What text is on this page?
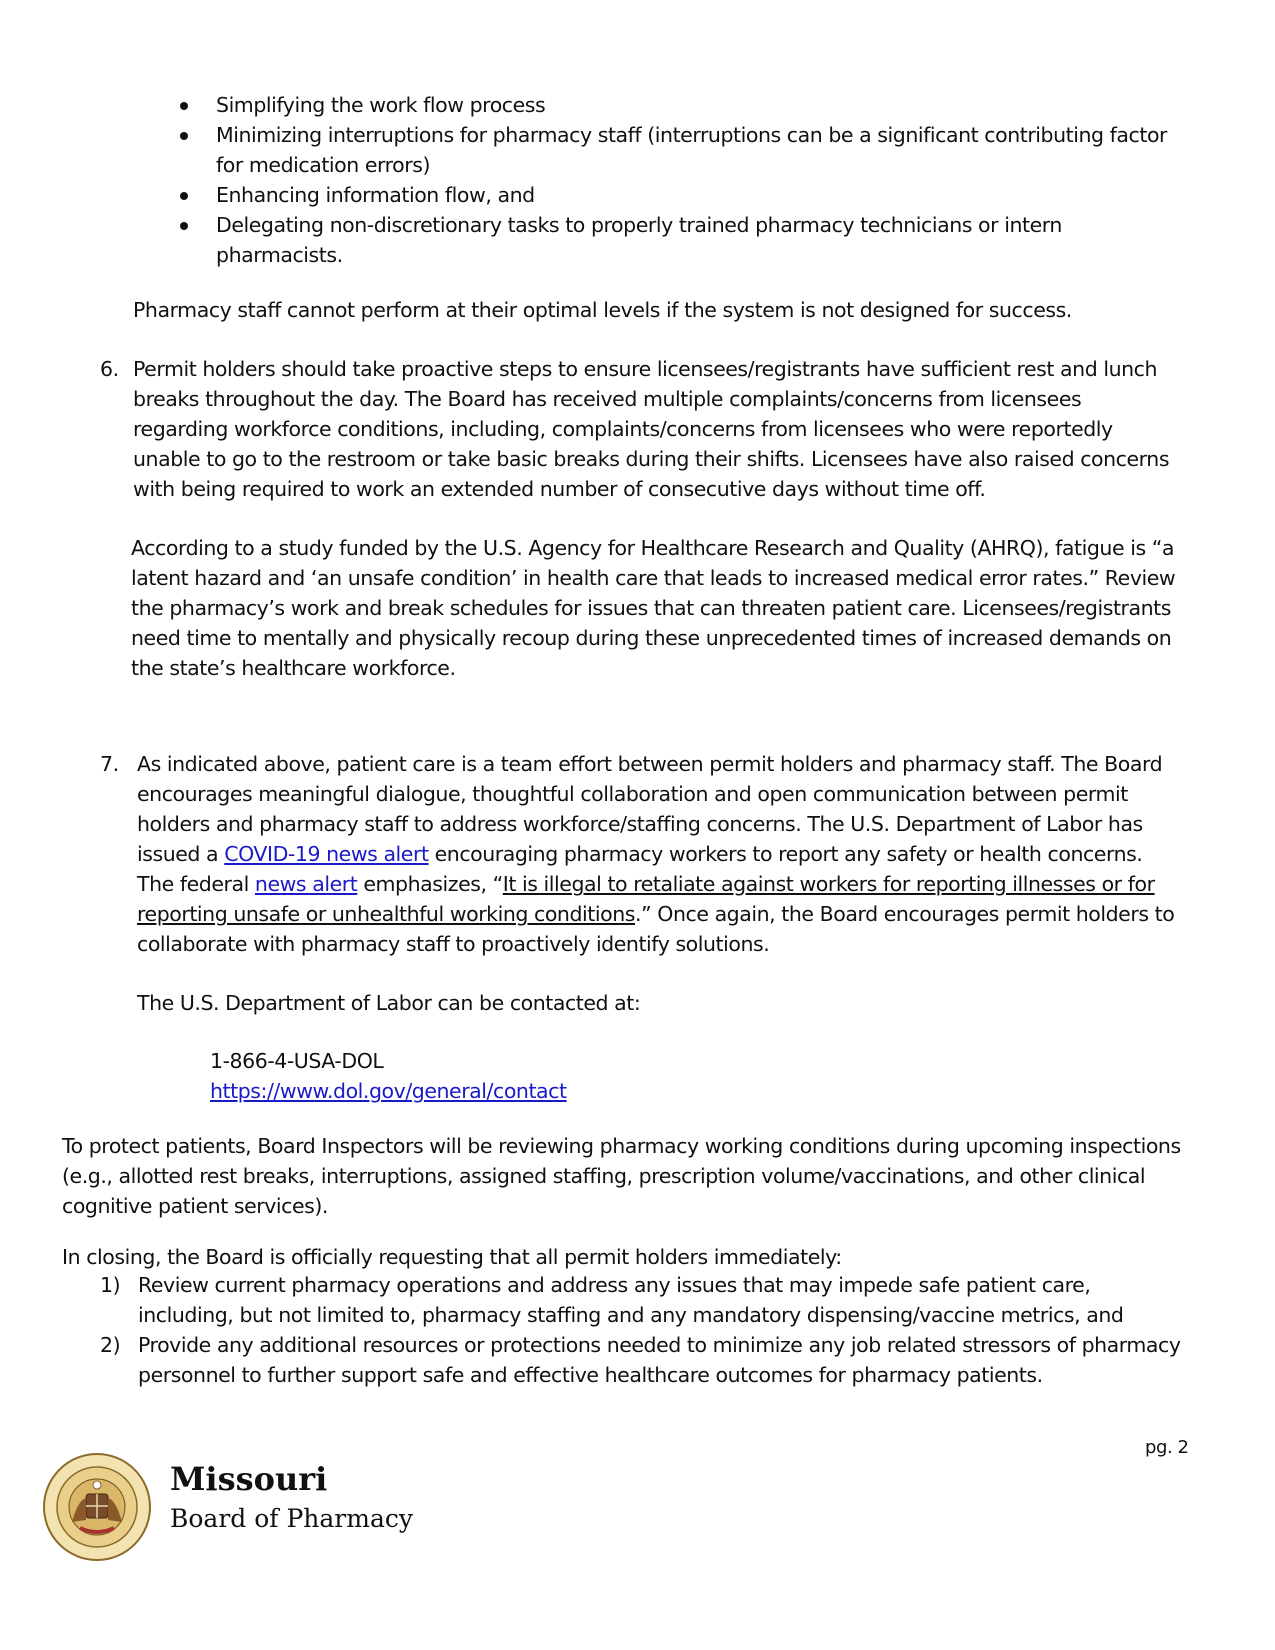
Simplifying the work flow process
Minimizing interruptions for pharmacy staff (interruptions can be a significant contributing factor for medication errors)
Enhancing information flow, and
Delegating non-discretionary tasks to properly trained pharmacy technicians or intern pharmacists.

Pharmacy staff cannot perform at their optimal levels if the system is not designed for success.

6. Permit holders should take proactive steps to ensure licensees/registrants have sufficient rest and lunch breaks throughout the day. The Board has received multiple complaints/concerns from licensees regarding workforce conditions, including, complaints/concerns from licensees who were reportedly unable to go to the restroom or take basic breaks during their shifts. Licensees have also raised concerns with being required to work an extended number of consecutive days without time off.

According to a study funded by the U.S. Agency for Healthcare Research and Quality (AHRQ), fatigue is “a latent hazard and ‘an unsafe condition’ in health care that leads to increased medical error rates.” Review the pharmacy’s work and break schedules for issues that can threaten patient care. Licensees/registrants need time to mentally and physically recoup during these unprecedented times of increased demands on the state’s healthcare workforce.

7. As indicated above, patient care is a team effort between permit holders and pharmacy staff. The Board encourages meaningful dialogue, thoughtful collaboration and open communication between permit holders and pharmacy staff to address workforce/staffing concerns. The U.S. Department of Labor has issued a COVID-19 news alert encouraging pharmacy workers to report any safety or health concerns. The federal news alert emphasizes, “It is illegal to retaliate against workers for reporting illnesses or for reporting unsafe or unhealthful working conditions.” Once again, the Board encourages permit holders to collaborate with pharmacy staff to proactively identify solutions.

The U.S. Department of Labor can be contacted at:

1-866-4-USA-DOL
https://www.dol.gov/general/contact

To protect patients, Board Inspectors will be reviewing pharmacy working conditions during upcoming inspections (e.g., allotted rest breaks, interruptions, assigned staffing, prescription volume/vaccinations, and other clinical cognitive patient services).

In closing, the Board is officially requesting that all permit holders immediately:

1) Review current pharmacy operations and address any issues that may impede safe patient care, including, but not limited to, pharmacy staffing and any mandatory dispensing/vaccine metrics, and
2) Provide any additional resources or protections needed to minimize any job related stressors of pharmacy personnel to further support safe and effective healthcare outcomes for pharmacy patients.
pg. 2
Missouri
Board of Pharmacy
